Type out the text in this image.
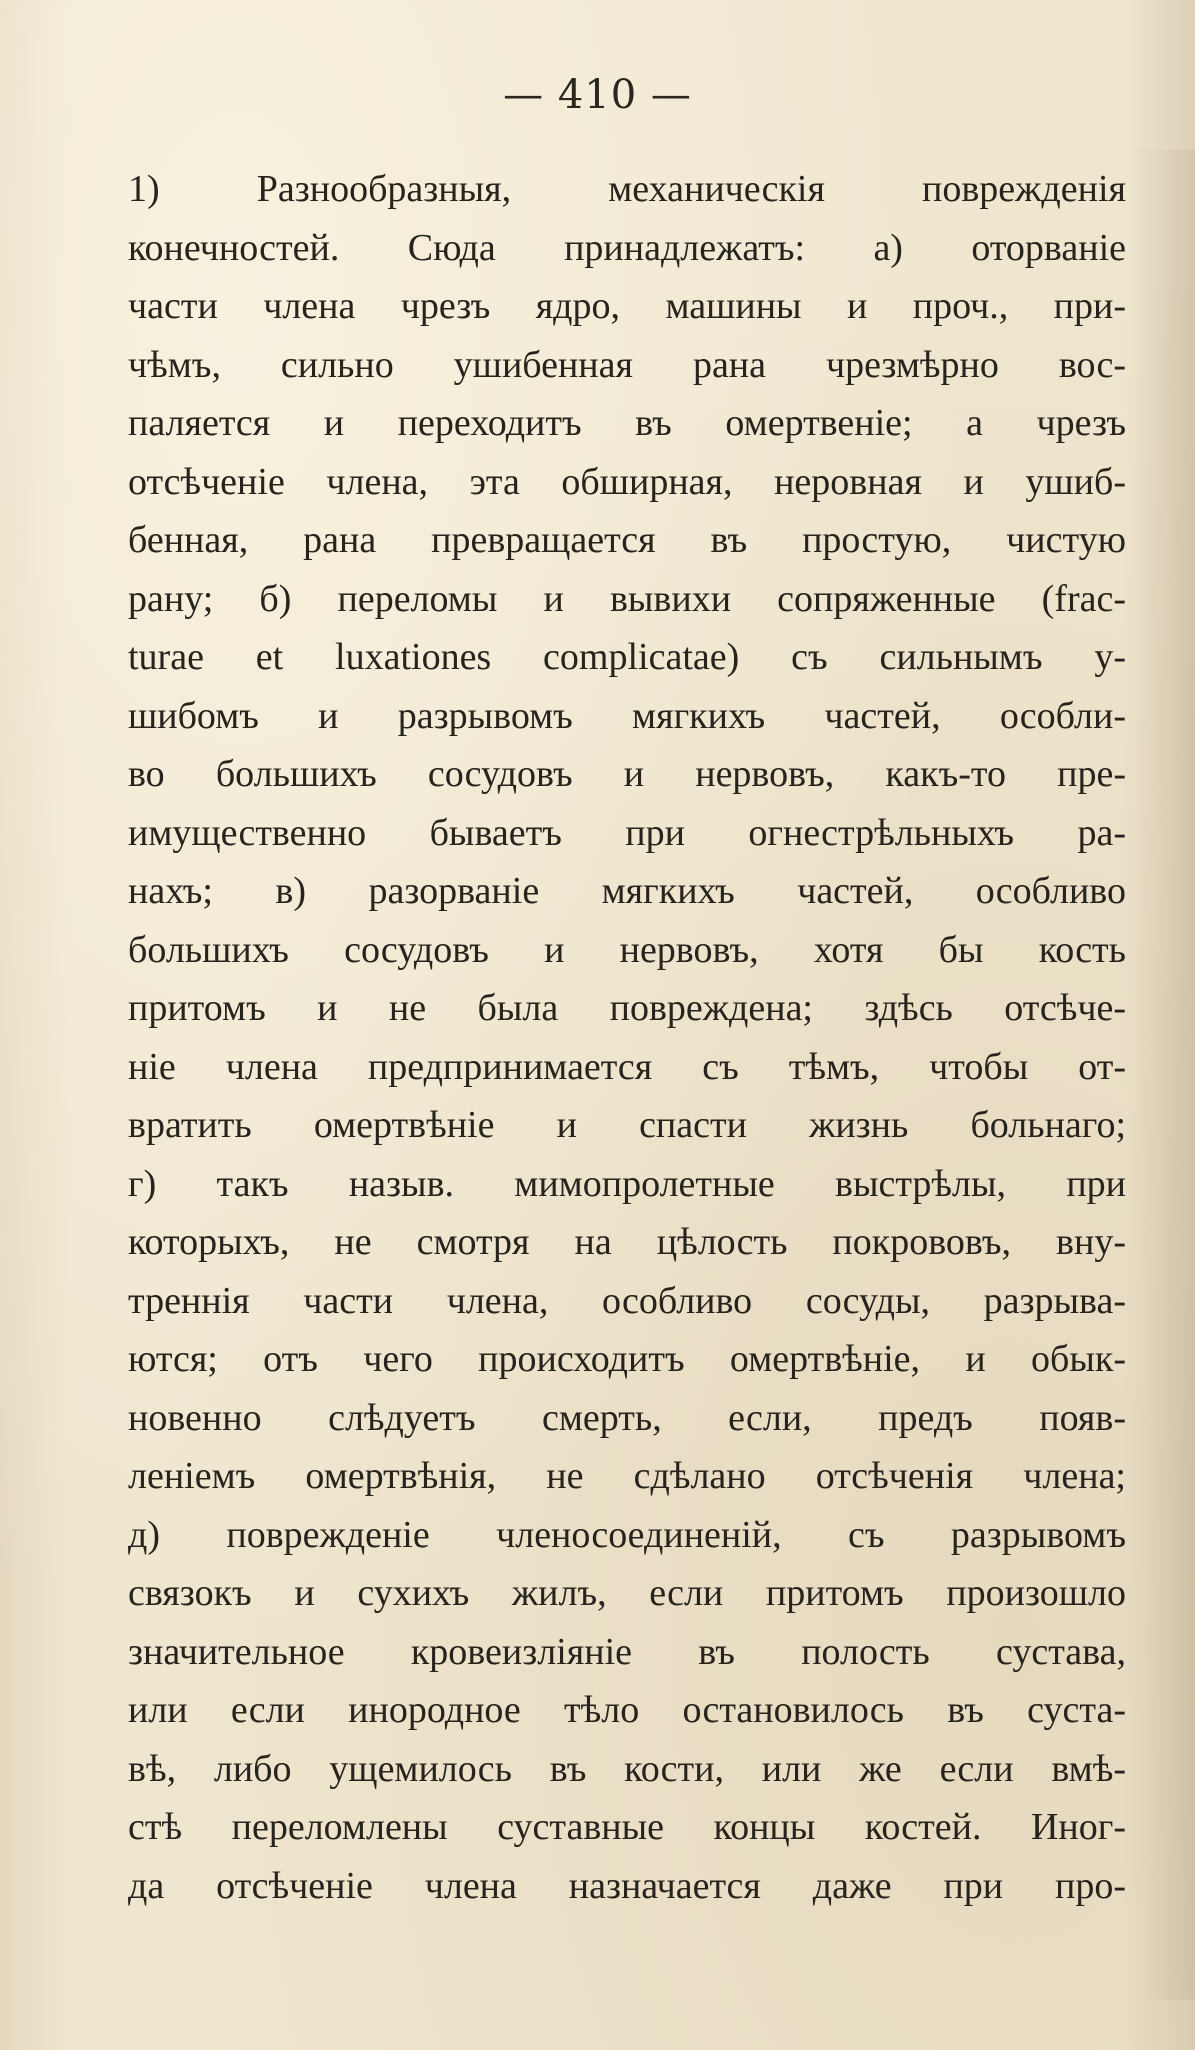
— 410 —
1) Разнообразныя, механическія поврежденія
конечностей. Сюда принадлежатъ: а) оторваніе
части члена чрезъ ядро, машины и проч., при-
чѣмъ, сильно ушибенная рана чрезмѣрно вос-
паляется и переходитъ въ омертвеніе; а чрезъ
отсѣченіе члена, эта обширная, неровная и ушиб-
бенная, рана превращается въ простую, чистую
рану; б) переломы и вывихи сопряженные (frac-
turae et luxationes complicatae) съ сильнымъ у-
шибомъ и разрывомъ мягкихъ частей, особли-
во большихъ сосудовъ и нервовъ, какъ-то пре-
имущественно бываетъ при огнестрѣльныхъ ра-
нахъ; в) разорваніе мягкихъ частей, особливо
большихъ сосудовъ и нервовъ, хотя бы кость
притомъ и не была повреждена; здѣсь отсѣче-
ніе члена предпринимается съ тѣмъ, чтобы от-
вратить омертвѣніе и спасти жизнь больнаго;
г) такъ назыв. мимопролетные выстрѣлы, при
которыхъ, не смотря на цѣлость покрововъ, вну-
треннія части члена, особливо сосуды, разрыва-
ются; отъ чего происходитъ омертвѣніе, и обык-
новенно слѣдуетъ смерть, если, предъ появ-
леніемъ омертвѣнія, не сдѣлано отсѣченія члена;
д) поврежденіе членосоединеній, съ разрывомъ
связокъ и сухихъ жилъ, если притомъ произошло
значительное кровеизліяніе въ полость сустава,
или если инородное тѣло остановилось въ суста-
вѣ, либо ущемилось въ кости, или же если вмѣ-
стѣ переломлены суставные концы костей. Иног-
да отсѣченіе члена назначается даже при про-
